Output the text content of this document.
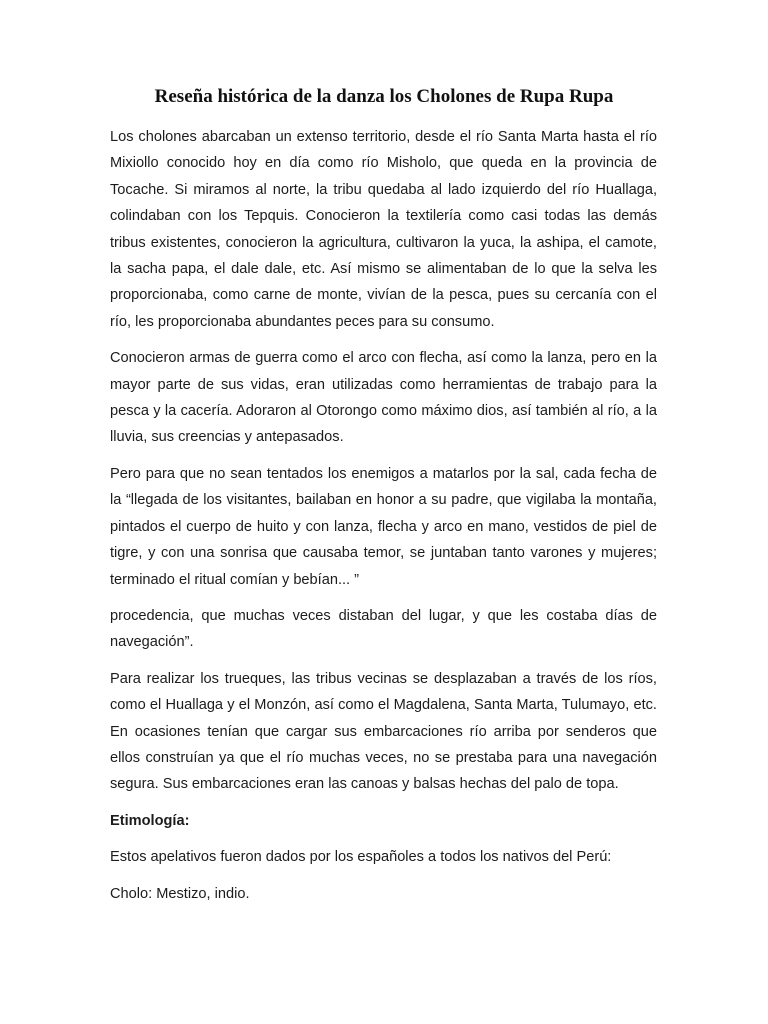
Reseña histórica de la danza los Cholones de Rupa Rupa

Los cholones abarcaban un extenso territorio, desde el río Santa Marta hasta el río Mixiollo conocido hoy en día como río Misholo, que queda en la provincia de Tocache. Si miramos al norte, la tribu quedaba al lado izquierdo del río Huallaga, colindaban con los Tepquis. Conocieron la textilería como casi todas las demás tribus existentes, conocieron la agricultura, cultivaron la yuca, la ashipa, el camote, la sacha papa, el dale dale, etc. Así mismo se alimentaban de lo que la selva les proporcionaba, como carne de monte, vivían de la pesca, pues su cercanía con el río, les proporcionaba abundantes peces para su consumo.

Conocieron armas de guerra como el arco con flecha, así como la lanza, pero en la mayor parte de sus vidas, eran utilizadas como herramientas de trabajo para la pesca y la cacería. Adoraron al Otorongo como máximo dios, así también al río, a la lluvia, sus creencias y antepasados.

Pero para que no sean tentados los enemigos a matarlos por la sal, cada fecha de la “llegada de los visitantes, bailaban en honor a su padre, que vigilaba la montaña, pintados el cuerpo de huito y con lanza, flecha y arco en mano, vestidos de piel de tigre, y con una sonrisa que causaba temor, se juntaban tanto varones y mujeres; terminado el ritual comían y bebían... ”

procedencia, que muchas veces distaban del lugar, y que les costaba días de navegación”.

Para realizar los trueques, las tribus vecinas se desplazaban a través de los ríos, como el Huallaga y el Monzón, así como el Magdalena, Santa Marta, Tulumayo, etc. En ocasiones tenían que cargar sus embarcaciones río arriba por senderos que ellos construían ya que el río muchas veces, no se prestaba para una navegación segura. Sus embarcaciones eran las canoas y balsas hechas del palo de topa.

Etimología:

Estos apelativos fueron dados por los españoles a todos los nativos del Perú:

Cholo: Mestizo, indio.
